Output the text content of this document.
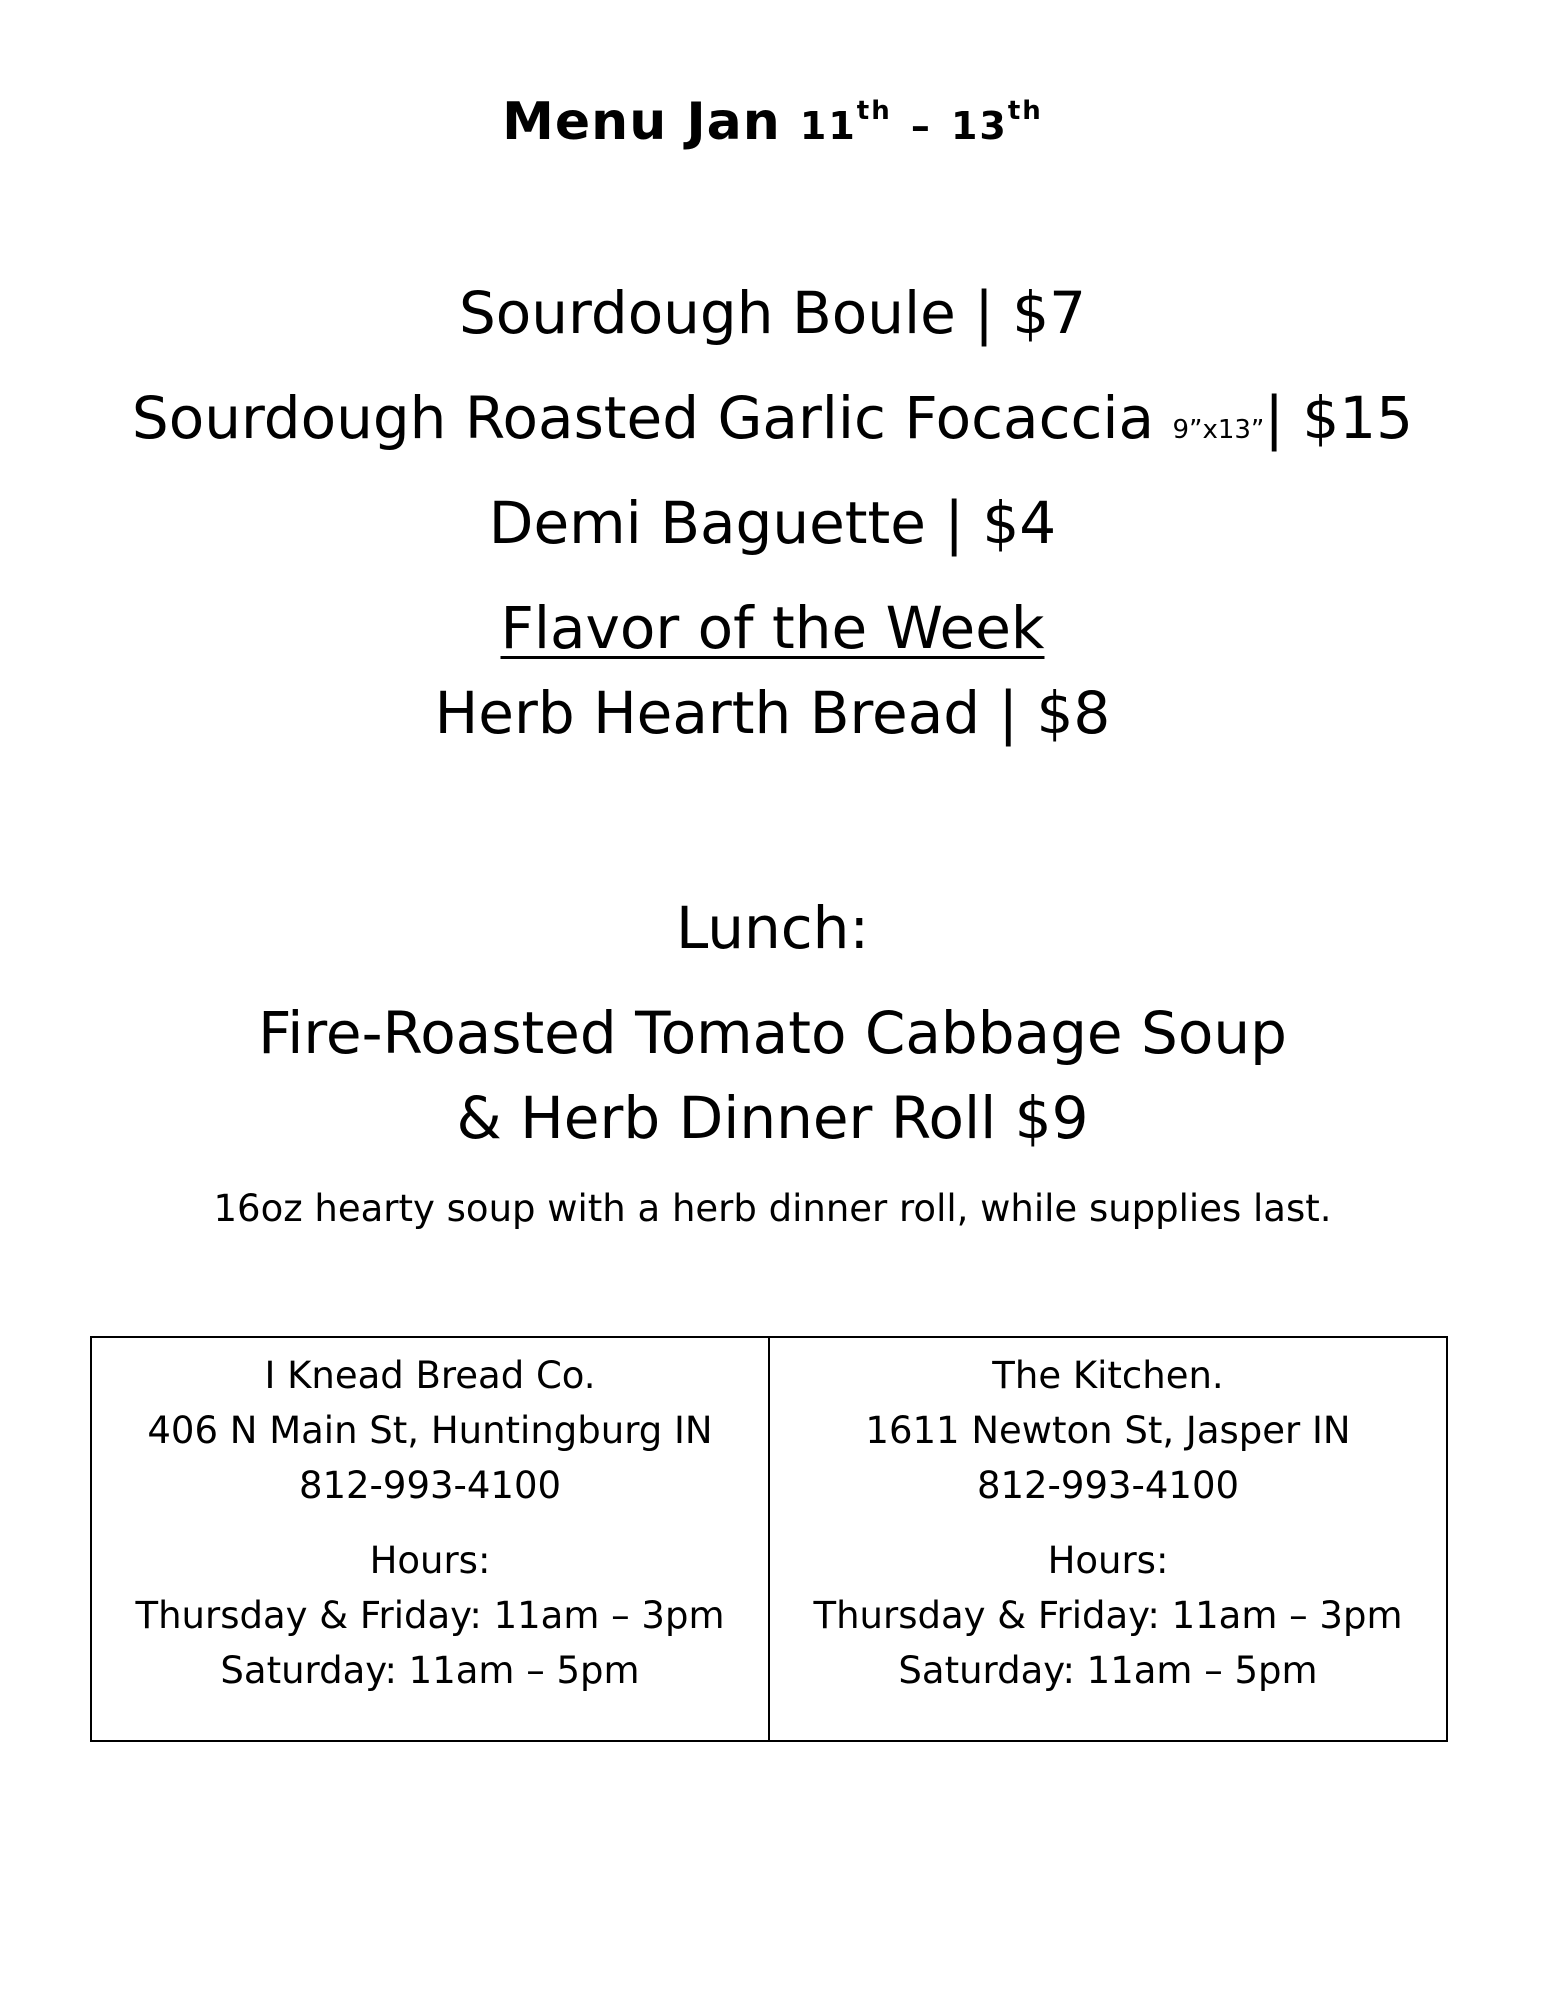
Menu Jan 11th – 13th
Sourdough Boule | $7
Sourdough Roasted Garlic Focaccia 9”x13”| $15
Demi Baguette | $4
Flavor of the Week
Herb Hearth Bread | $8
Lunch:
Fire-Roasted Tomato Cabbage Soup
& Herb Dinner Roll $9
16oz hearty soup with a herb dinner roll, while supplies last.
I Knead Bread Co.
406 N Main St, Huntingburg IN
812-993-4100
Hours:
Thursday & Friday: 11am – 3pm
Saturday: 11am – 5pm
The Kitchen.
1611 Newton St, Jasper IN
812-993-4100
Hours:
Thursday & Friday: 11am – 3pm
Saturday: 11am – 5pm
